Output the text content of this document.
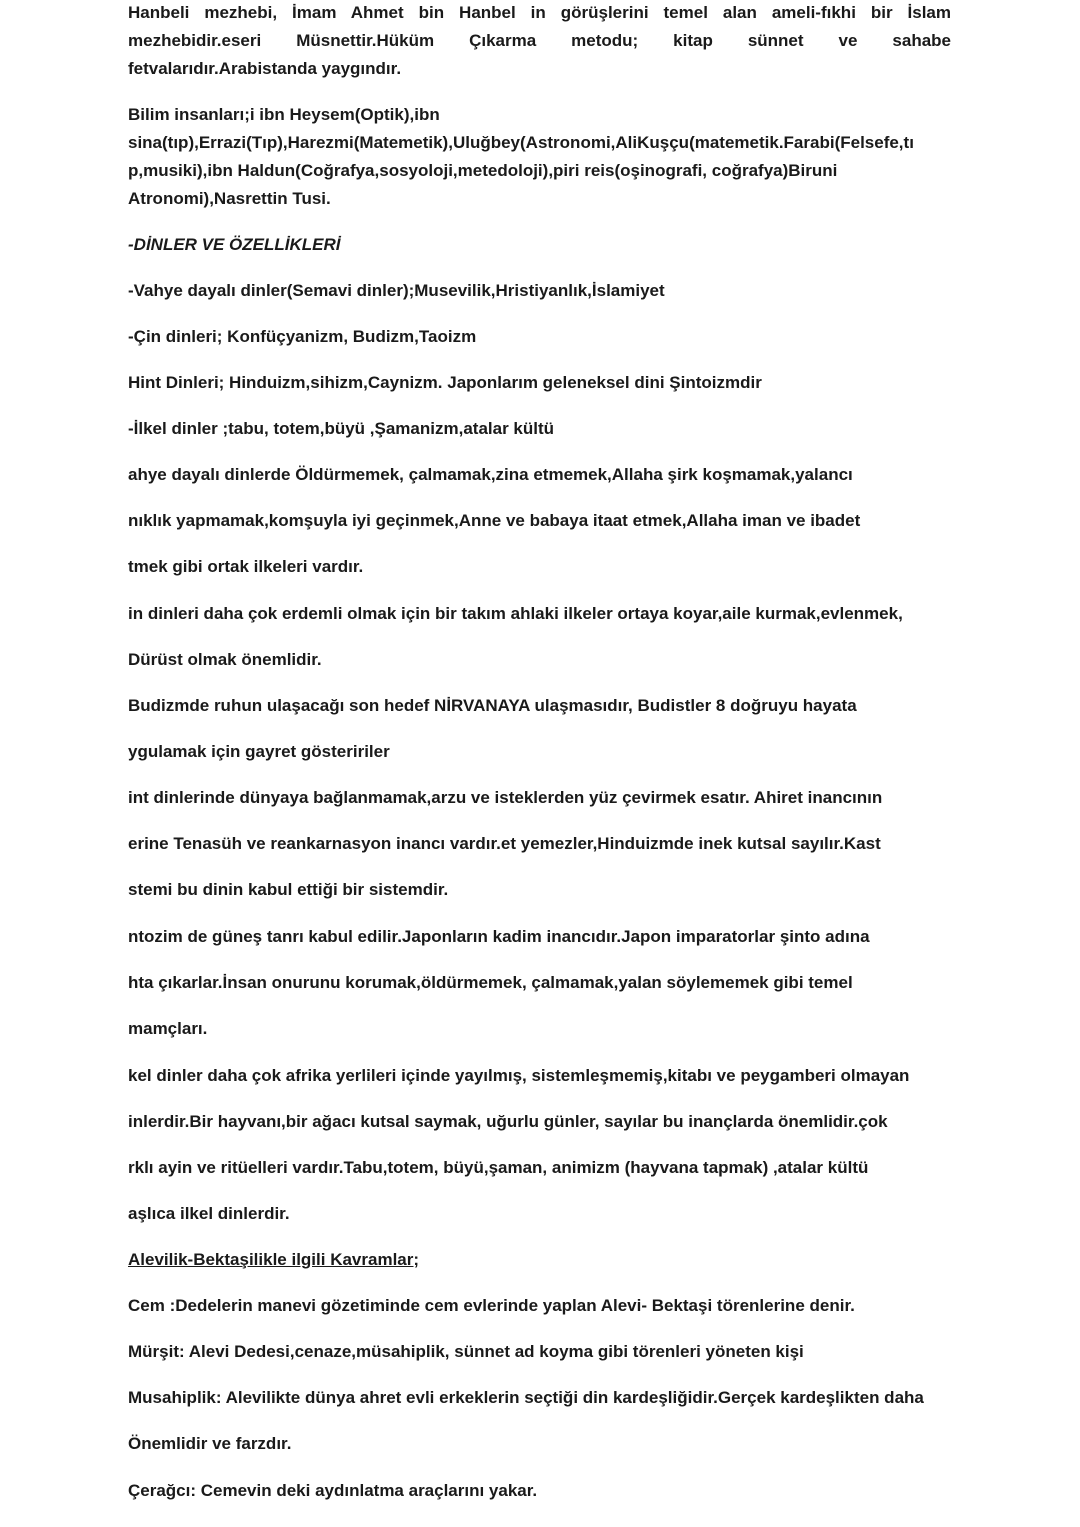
Hanbeli mezhebi, İmam Ahmet bin Hanbel in görüşlerini temel alan ameli-fıkhi bir İslam
mezhebidir.eseri Müsnettir.Hüküm Çıkarma metodu; kitap sünnet ve sahabe
fetvalarıdır.Arabistanda yaygındır.
Bilim insanları;i ibn Heysem(Optik),ibn
sina(tıp),Errazi(Tıp),Harezmi(Matemetik),Uluğbey(Astronomi,AliKuşçu(matemetik.Farabi(Felsefe,tı
p,musiki),ibn Haldun(Coğrafya,sosyoloji,metedoloji),piri reis(oşinografi, coğrafya)Biruni
Atronomi),Nasrettin Tusi.
-DİNLER VE ÖZELLİKLERİ
-Vahye dayalı dinler(Semavi dinler);Musevilik,Hristiyanlık,İslamiyet
-Çin dinleri; Konfüçyanizm, Budizm,Taoizm
Hint Dinleri; Hinduizm,sihizm,Caynizm. Japonlarım geleneksel dini Şintoizmdir
-İlkel dinler ;tabu, totem,büyü ,Şamanizm,atalar kültü
ahye dayalı dinlerde Öldürmemek, çalmamak,zina etmemek,Allaha şirk koşmamak,yalancı
nıklık yapmamak,komşuyla iyi geçinmek,Anne ve babaya itaat etmek,Allaha iman ve ibadet
tmek gibi ortak ilkeleri vardır.
in dinleri daha çok erdemli olmak için bir takım ahlaki ilkeler ortaya koyar,aile kurmak,evlenmek,
Dürüst olmak önemlidir.
Budizmde ruhun ulaşacağı son hedef NİRVANAYA ulaşmasıdır, Budistler 8 doğruyu hayata
ygulamak için gayret gösteririler
int dinlerinde dünyaya bağlanmamak,arzu ve isteklerden yüz çevirmek esatır. Ahiret inancının
erine Tenasüh ve reankarnasyon inancı vardır.et yemezler,Hinduizmde inek kutsal sayılır.Kast
stemi bu dinin kabul ettiği bir sistemdir.
ntozim de güneş tanrı kabul edilir.Japonların kadim inancıdır.Japon imparatorlar şinto adına
hta çıkarlar.İnsan onurunu korumak,öldürmemek, çalmamak,yalan söylememek gibi temel
mamçları.
kel dinler daha çok afrika yerlileri içinde yayılmış, sistemleşmemiş,kitabı ve peygamberi olmayan
inlerdir.Bir hayvanı,bir ağacı kutsal saymak, uğurlu günler, sayılar bu inançlarda önemlidir.çok
rklı ayin ve ritüelleri vardır.Tabu,totem, büyü,şaman, animizm (hayvana tapmak) ,atalar kültü
aşlıca ilkel dinlerdir.
Alevilik-Bektaşilikle ilgili Kavramlar;
Cem :Dedelerin manevi gözetiminde cem evlerinde yaplan Alevi- Bektaşi törenlerine denir.
Mürşit: Alevi Dedesi,cenaze,müsahiplik, sünnet ad koyma gibi törenleri yöneten kişi
Musahiplik: Alevilikte dünya ahret evli erkeklerin seçtiği din kardeşliğidir.Gerçek kardeşlikten daha
Önemlidir ve farzdır.
Çerağcı: Cemevin deki aydınlatma araçlarını yakar.
